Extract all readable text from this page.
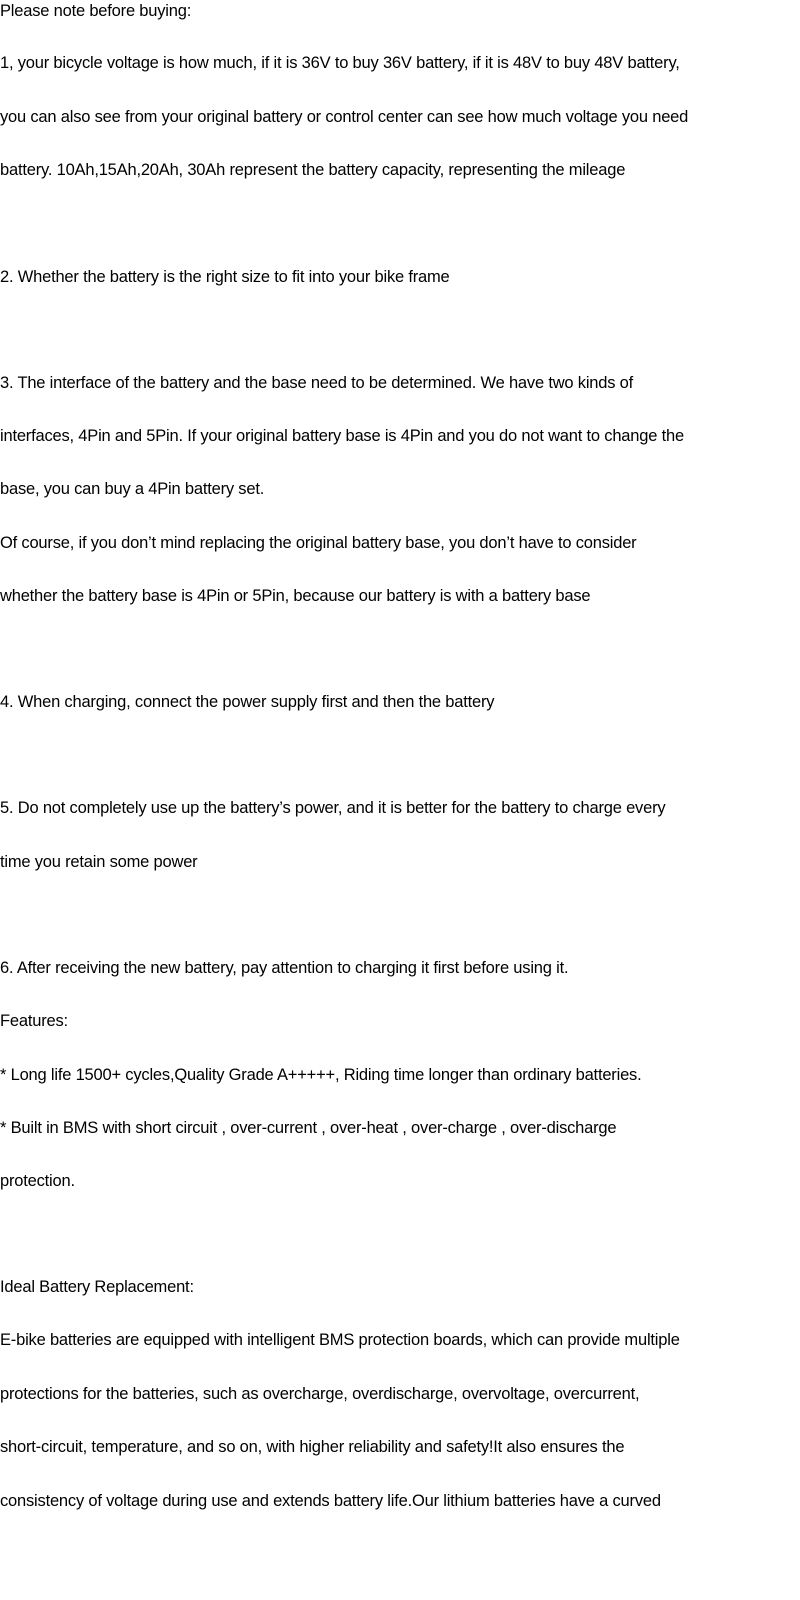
Please note before buying:

1, your bicycle voltage is how much, if it is 36V to buy 36V battery, if it is 48V to buy 48V battery,

you can also see from your original battery or control center can see how much voltage you need

battery. 10Ah,15Ah,20Ah, 30Ah represent the battery capacity, representing the mileage

2. Whether the battery is the right size to fit into your bike frame

3. The interface of the battery and the base need to be determined. We have two kinds of

interfaces, 4Pin and 5Pin. If your original battery base is 4Pin and you do not want to change the

base, you can buy a 4Pin battery set.

Of course, if you don’t mind replacing the original battery base, you don’t have to consider

whether the battery base is 4Pin or 5Pin, because our battery is with a battery base

4. When charging, connect the power supply first and then the battery

5. Do not completely use up the battery’s power, and it is better for the battery to charge every

time you retain some power

6. After receiving the new battery, pay attention to charging it first before using it.

Features:

* Long life 1500+ cycles,Quality Grade A+++++, Riding time longer than ordinary batteries.

* Built in BMS with short circuit , over-current , over-heat , over-charge , over-discharge

protection.

Ideal Battery Replacement:

E-bike batteries are equipped with intelligent BMS protection boards, which can provide multiple

protections for the batteries, such as overcharge, overdischarge, overvoltage, overcurrent,

short-circuit, temperature, and so on, with higher reliability and safety!It also ensures the

consistency of voltage during use and extends battery life.Our lithium batteries have a curved
